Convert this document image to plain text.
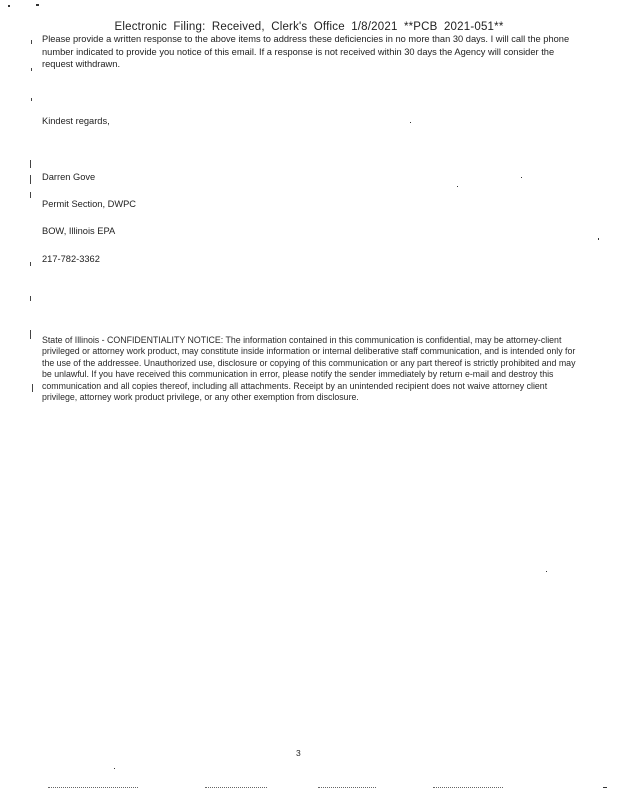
Electronic Filing: Received, Clerk's Office 1/8/2021 **PCB 2021-051**
Please provide a written response to the above items to address these deficiencies in no more than 30 days. I will call the phone number indicated to provide you notice of this email. If a response is not received within 30 days the Agency will consider the request withdrawn.
Kindest regards,
Darren Gove
Permit Section, DWPC
BOW, Illinois EPA
217-782-3362
State of Illinois - CONFIDENTIALITY NOTICE: The information contained in this communication is confidential, may be attorney-client privileged or attorney work product, may constitute inside information or internal deliberative staff communication, and is intended only for the use of the addressee. Unauthorized use, disclosure or copying of this communication or any part thereof is strictly prohibited and may be unlawful. If you have received this communication in error, please notify the sender immediately by return e-mail and destroy this communication and all copies thereof, including all attachments. Receipt by an unintended recipient does not waive attorney client privilege, attorney work product privilege, or any other exemption from disclosure.
3
